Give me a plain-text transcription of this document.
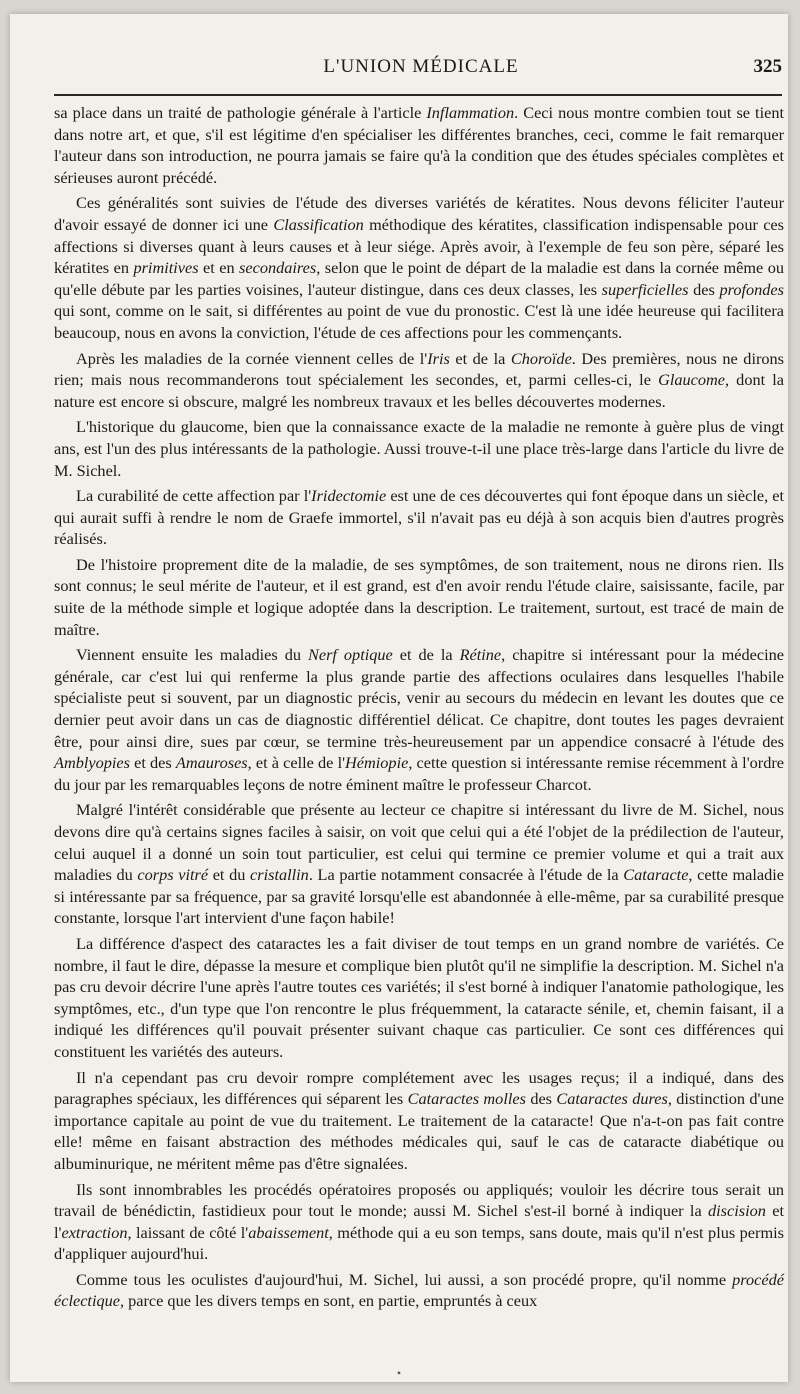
L'UNION MÉDICALE	325

sa place dans un traité de pathologie générale à l'article Inflammation. Ceci nous montre combien tout se tient dans notre art, et que, s'il est légitime d'en spécialiser les différentes branches, ceci, comme le fait remarquer l'auteur dans son introduction, ne pourra jamais se faire qu'à la condition que des études spéciales complètes et sérieuses auront précédé.

Ces généralités sont suivies de l'étude des diverses variétés de kératites. Nous devons féliciter l'auteur d'avoir essayé de donner ici une Classification méthodique des kératites, classification indispensable pour ces affections si diverses quant à leurs causes et à leur siége. Après avoir, à l'exemple de feu son père, séparé les kératites en primitives et en secondaires, selon que le point de départ de la maladie est dans la cornée même ou qu'elle débute par les parties voisines, l'auteur distingue, dans ces deux classes, les superficielles des profondes qui sont, comme on le sait, si différentes au point de vue du pronostic. C'est là une idée heureuse qui facilitera beaucoup, nous en avons la conviction, l'étude de ces affections pour les commençants.

Après les maladies de la cornée viennent celles de l'Iris et de la Choroïde. Des premières, nous ne dirons rien; mais nous recommanderons tout spécialement les secondes, et, parmi celles-ci, le Glaucome, dont la nature est encore si obscure, malgré les nombreux travaux et les belles découvertes modernes.

L'historique du glaucome, bien que la connaissance exacte de la maladie ne remonte à guère plus de vingt ans, est l'un des plus intéressants de la pathologie. Aussi trouve-t-il une place très-large dans l'article du livre de M. Sichel.

La curabilité de cette affection par l'Iridectomie est une de ces découvertes qui font époque dans un siècle, et qui aurait suffi à rendre le nom de Graefe immortel, s'il n'avait pas eu déjà à son acquis bien d'autres progrès réalisés.

De l'histoire proprement dite de la maladie, de ses symptômes, de son traitement, nous ne dirons rien. Ils sont connus; le seul mérite de l'auteur, et il est grand, est d'en avoir rendu l'étude claire, saisissante, facile, par suite de la méthode simple et logique adoptée dans la description. Le traitement, surtout, est tracé de main de maître.

Viennent ensuite les maladies du Nerf optique et de la Rétine, chapitre si intéressant pour la médecine générale, car c'est lui qui renferme la plus grande partie des affections oculaires dans lesquelles l'habile spécialiste peut si souvent, par un diagnostic précis, venir au secours du médecin en levant les doutes que ce dernier peut avoir dans un cas de diagnostic différentiel délicat. Ce chapitre, dont toutes les pages devraient être, pour ainsi dire, sues par cœur, se termine très-heureusement par un appendice consacré à l'étude des Amblyopies et des Amauroses, et à celle de l'Hémiopie, cette question si intéressante remise récemment à l'ordre du jour par les remarquables leçons de notre éminent maître le professeur Charcot.

Malgré l'intérêt considérable que présente au lecteur ce chapitre si intéressant du livre de M. Sichel, nous devons dire qu'à certains signes faciles à saisir, on voit que celui qui a été l'objet de la prédilection de l'auteur, celui auquel il a donné un soin tout particulier, est celui qui termine ce premier volume et qui a trait aux maladies du corps vitré et du cristallin. La partie notamment consacrée à l'étude de la Cataracte, cette maladie si intéressante par sa fréquence, par sa gravité lorsqu'elle est abandonnée à elle-même, par sa curabilité presque constante, lorsque l'art intervient d'une façon habile!

La différence d'aspect des cataractes les a fait diviser de tout temps en un grand nombre de variétés. Ce nombre, il faut le dire, dépasse la mesure et complique bien plutôt qu'il ne simplifie la description. M. Sichel n'a pas cru devoir décrire l'une après l'autre toutes ces variétés; il s'est borné à indiquer l'anatomie pathologique, les symptômes, etc., d'un type que l'on rencontre le plus fréquemment, la cataracte sénile, et, chemin faisant, il a indiqué les différences qu'il pouvait présenter suivant chaque cas particulier. Ce sont ces différences qui constituent les variétés des auteurs.

Il n'a cependant pas cru devoir rompre complétement avec les usages reçus; il a indiqué, dans des paragraphes spéciaux, les différences qui séparent les Cataractes molles des Cataractes dures, distinction d'une importance capitale au point de vue du traitement. Le traitement de la cataracte! Que n'a-t-on pas fait contre elle! même en faisant abstraction des méthodes médicales qui, sauf le cas de cataracte diabétique ou albuminurique, ne méritent même pas d'être signalées.

Ils sont innombrables les procédés opératoires proposés ou appliqués; vouloir les décrire tous serait un travail de bénédictin, fastidieux pour tout le monde; aussi M. Sichel s'est-il borné à indiquer la discision et l'extraction, laissant de côté l'abaissement, méthode qui a eu son temps, sans doute, mais qu'il n'est plus permis d'appliquer aujourd'hui.

Comme tous les oculistes d'aujourd'hui, M. Sichel, lui aussi, a son procédé propre, qu'il nomme procédé éclectique, parce que les divers temps en sont, en partie, empruntés à ceux

•
